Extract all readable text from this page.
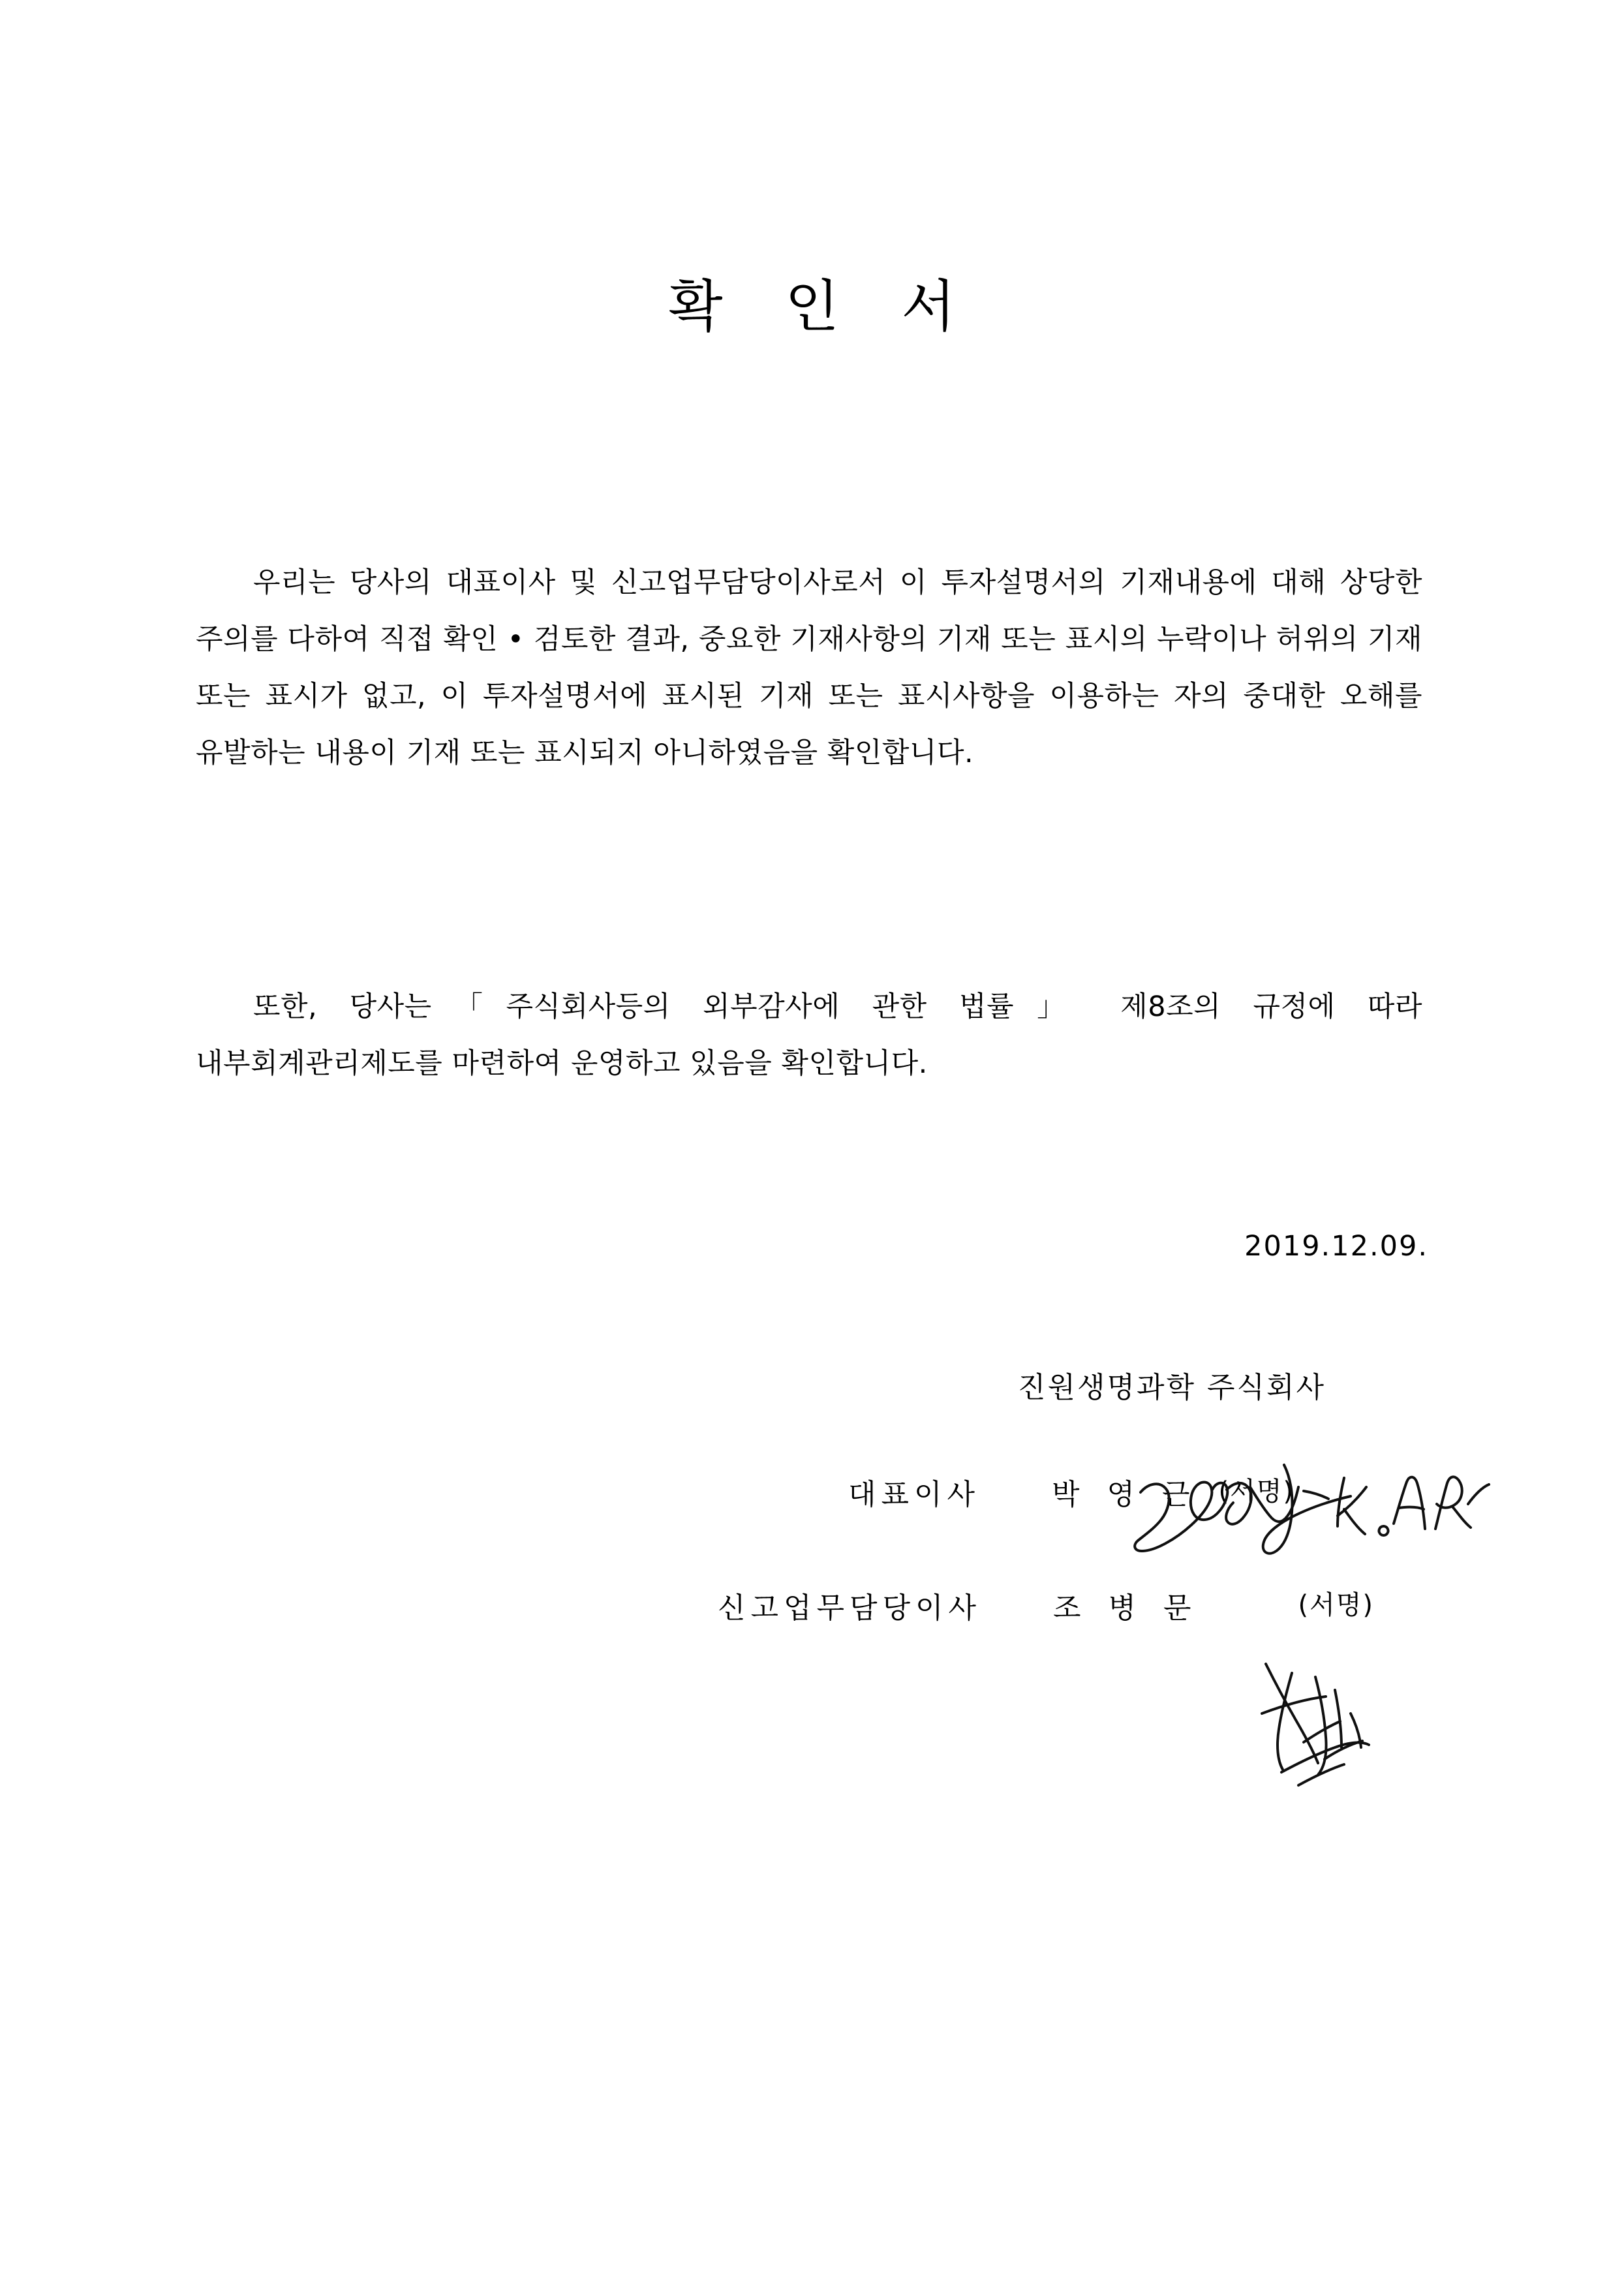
확 인 서
우리는 당사의 대표이사 및 신고업무담당이사로서 이 투자설명서의 기재내용에 대해 상당한 주의를 다하여 직접 확인 • 검토한 결과, 중요한 기재사항의 기재 또는 표시의 누락이나 허위의 기재 또는 표시가 없고, 이 투자설명서에 표시된 기재 또는 표시사항을 이용하는 자의 중대한 오해를 유발하는 내용이 기재 또는 표시되지 아니하였음을 확인합니다.
또한, 당사는「주식회사등의 외부감사에 관한 법률」 제8조의 규정에 따라 내부회계관리제도를 마련하여 운영하고 있음을 확인합니다.
2019.12.09.
진원생명과학 주식회사
대표이사	박 영 근 (서명)
신고업무담당이사	조 병 문	(서명)
